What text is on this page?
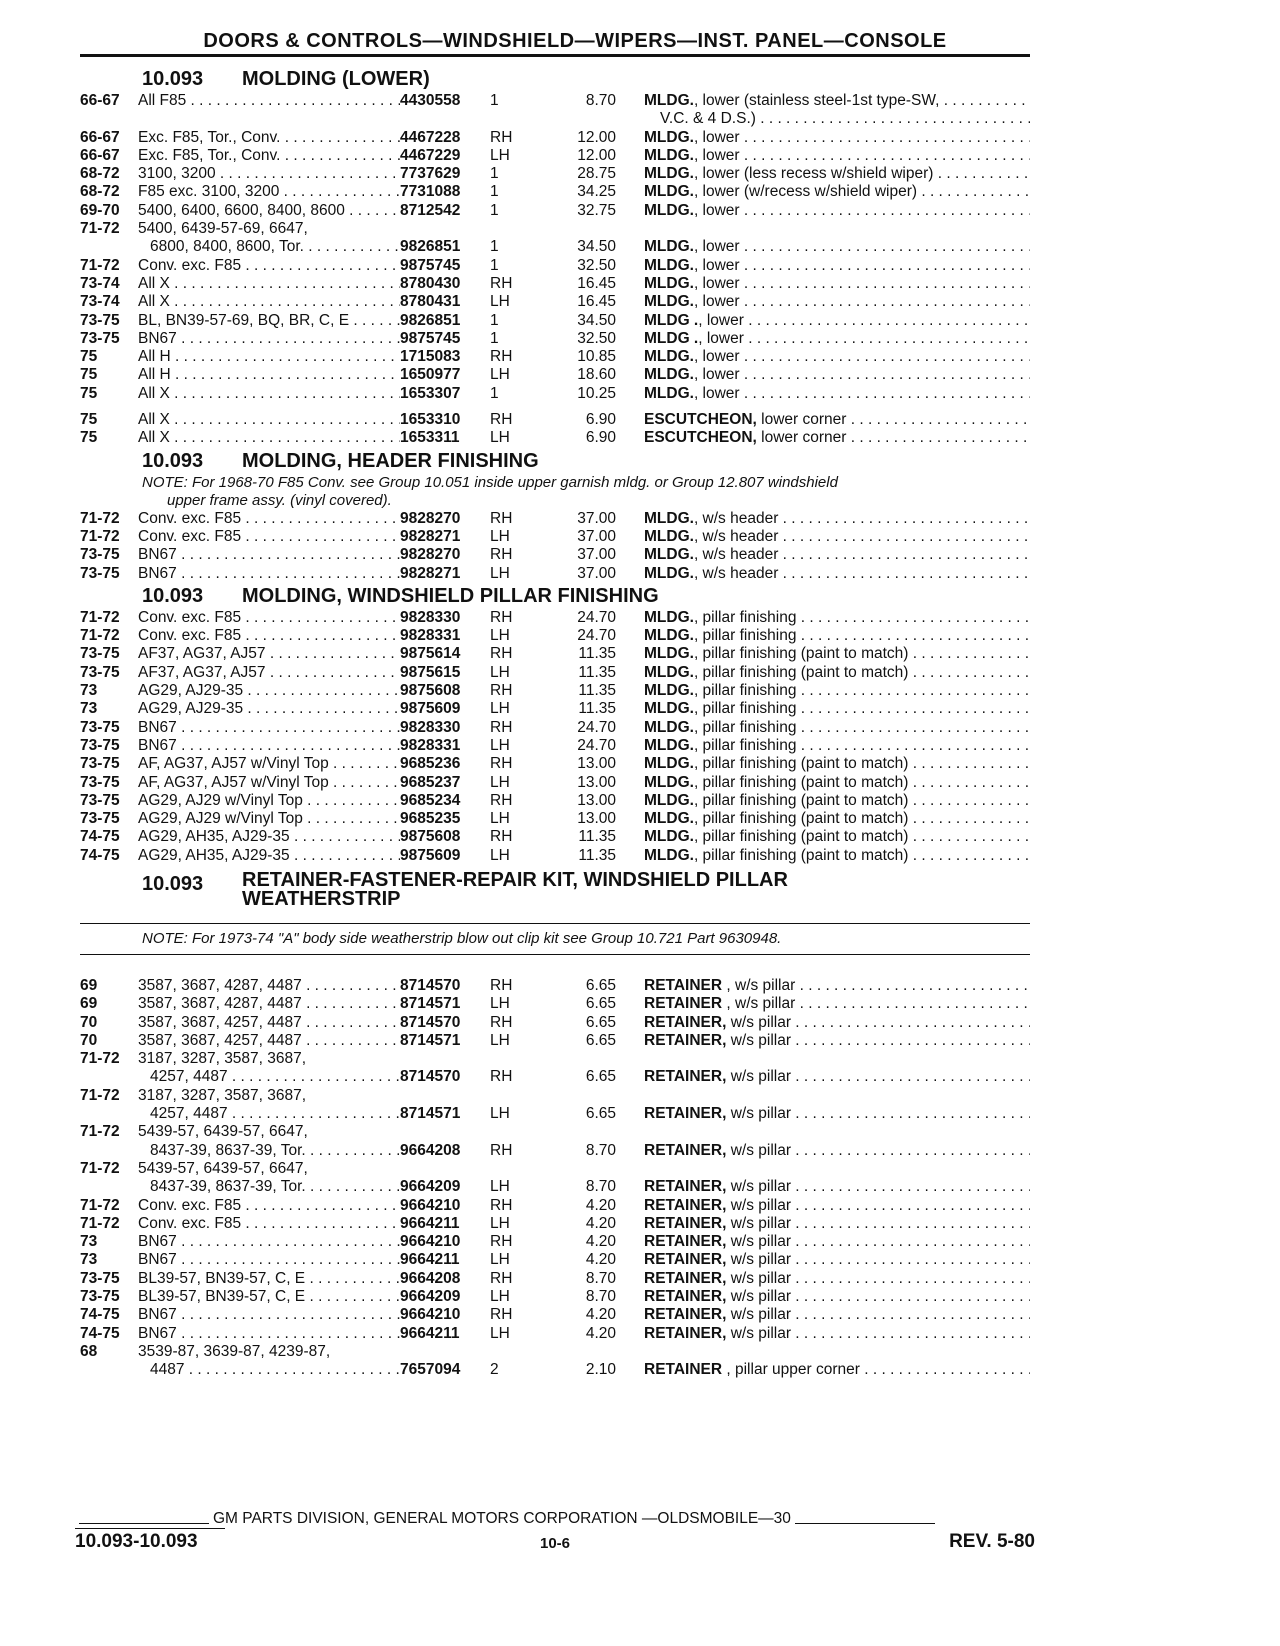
DOORS & CONTROLS—WINDSHIELD—WIPERS—INST. PANEL—CONSOLE
10.093	MOLDING (LOWER)
66-67	All F85 . . .	4430558	1	8.70	MLDG., lower (stainless steel-1st type-SW, . . .
V.C. & 4 D.S.) . . .
66-67	Exc. F85, Tor., Conv. . . .	4467228	RH	12.00	MLDG., lower . . .
66-67	Exc. F85, Tor., Conv. . . .	4467229	LH	12.00	MLDG., lower . . .
68-72	3100, 3200 . . .	7737629	1	28.75	MLDG., lower (less recess w/shield wiper) . . .
68-72	F85 exc. 3100, 3200 . . .	7731088	1	34.25	MLDG., lower (w/recess w/shield wiper) . . . .
69-70	5400, 6400, 6600, 8400, 8600 . . .	8712542	1	32.75	MLDG., lower . . .
71-72	5400, 6439-57-69, 6647,
6800, 8400, 8600, Tor. . . .	9826851	1	34.50	MLDG., lower . . .
71-72	Conv. exc. F85 . . .	9875745	1	32.50	MLDG., lower . . .
73-74	All X . . .	8780430	RH	16.45	MLDG., lower . . .
73-74	All X . . .	8780431	LH	16.45	MLDG., lower . . .
73-75	BL, BN39-57-69, BQ, BR, C, E . . . .	9826851	1	34.50	MLDG ., lower . . .
73-75	BN67 . . .	9875745	1	32.50	MLDG ., lower . . .
75	All H . . .	1715083	RH	10.85	MLDG., lower . . .
75	All H . . .	1650977	LH	18.60	MLDG., lower . . .
75	All X . . .	1653307	1	10.25	MLDG., lower . . .
75	All X . . .	1653310	RH	6.90	ESCUTCHEON, lower corner . . .
75	All X . . .	1653311	LH	6.90	ESCUTCHEON, lower corner . . .
10.093	MOLDING, HEADER FINISHING
NOTE: For 1968-70 F85 Conv. see Group 10.051 inside upper garnish mldg. or Group 12.807 windshield
upper frame assy. (vinyl covered).
71-72	Conv. exc. F85 . . .	9828270	RH	37.00	MLDG., w/s header . . .
71-72	Conv. exc. F85 . . .	9828271	LH	37.00	MLDG., w/s header . . .
73-75	BN67 . . .	9828270	RH	37.00	MLDG., w/s header . . .
73-75	BN67 . . .	9828271	LH	37.00	MLDG., w/s header . . .
10.093	MOLDING, WINDSHIELD PILLAR FINISHING
71-72	Conv. exc. F85 . . .	9828330	RH	24.70	MLDG., pillar finishing . . .
71-72	Conv. exc. F85 . . .	9828331	LH	24.70	MLDG., pillar finishing . . .
73-75	AF37, AG37, AJ57 . . .	9875614	RH	11.35	MLDG., pillar finishing (paint to match) . . . . . .
73-75	AF37, AG37, AJ57 . . .	9875615	LH	11.35	MLDG., pillar finishing (paint to match) . . . . . .
73	AG29, AJ29-35 . . .	9875608	RH	11.35	MLDG., pillar finishing . . .
73	AG29, AJ29-35 . . .	9875609	LH	11.35	MLDG., pillar finishing . . .
73-75	BN67 . . .	9828330	RH	24.70	MLDG., pillar finishing . . .
73-75	BN67 . . .	9828331	LH	24.70	MLDG., pillar finishing . . .
73-75	AF, AG37, AJ57 w/Vinyl Top . . . . .	9685236	RH	13.00	MLDG., pillar finishing (paint to match) . . . . . .
73-75	AF, AG37, AJ57 w/Vinyl Top . . . . .	9685237	LH	13.00	MLDG., pillar finishing (paint to match) . . . . . .
73-75	AG29, AJ29 w/Vinyl Top . . .	9685234	RH	13.00	MLDG., pillar finishing (paint to match) . . . . . .
73-75	AG29, AJ29 w/Vinyl Top . . .	9685235	LH	13.00	MLDG., pillar finishing (paint to match) . . . . . .
74-75	AG29, AH35, AJ29-35 . . .	9875608	RH	11.35	MLDG., pillar finishing (paint to match) . . . . . .
74-75	AG29, AH35, AJ29-35 . . .	9875609	LH	11.35	MLDG., pillar finishing (paint to match) . . . . . .
10.093	RETAINER-FASTENER-REPAIR KIT, WINDSHIELD PILLAR
WEATHERSTRIP
NOTE: For 1973-74 "A" body side weatherstrip blow out clip kit see Group 10.721 Part 9630948.
69	3587, 3687, 4287, 4487 . . .	8714570	RH	6.65	RETAINER , w/s pillar . . .
69	3587, 3687, 4287, 4487 . . .	8714571	LH	6.65	RETAINER , w/s pillar . . .
70	3587, 3687, 4257, 4487 . . .	8714570	RH	6.65	RETAINER, w/s pillar . . .
70	3587, 3687, 4257, 4487 . . .	8714571	LH	6.65	RETAINER, w/s pillar . . .
71-72	3187, 3287, 3587, 3687,
4257, 4487 . . .	8714570	RH	6.65	RETAINER, w/s pillar . . .
71-72	3187, 3287, 3587, 3687,
4257, 4487 . . .	8714571	LH	6.65	RETAINER, w/s pillar . . .
71-72	5439-57, 6439-57, 6647,
8437-39, 8637-39, Tor. . . .	9664208	RH	8.70	RETAINER, w/s pillar . . .
71-72	5439-57, 6439-57, 6647,
8437-39, 8637-39, Tor. . . .	9664209	LH	8.70	RETAINER, w/s pillar . . .
71-72	Conv. exc. F85 . . .	9664210	RH	4.20	RETAINER, w/s pillar . . .
71-72	Conv. exc. F85 . . .	9664211	LH	4.20	RETAINER, w/s pillar . . .
73	BN67 . . .	9664210	RH	4.20	RETAINER, w/s pillar . . .
73	BN67 . . .	9664211	LH	4.20	RETAINER, w/s pillar . . .
73-75	BL39-57, BN39-57, C, E . . .	9664208	RH	8.70	RETAINER, w/s pillar . . .
73-75	BL39-57, BN39-57, C, E . . .	9664209	LH	8.70	RETAINER, w/s pillar . . .
74-75	BN67 . . .	9664210	RH	4.20	RETAINER, w/s pillar . . .
74-75	BN67 . . .	9664211	LH	4.20	RETAINER, w/s pillar . . .
68	3539-87, 3639-87, 4239-87,
4487 . . .	7657094	2	2.10	RETAINER , pillar upper corner . . .
GM PARTS DIVISION, GENERAL MOTORS CORPORATION —OLDSMOBILE—30
10.093-10.093	10-6	REV. 5-80
